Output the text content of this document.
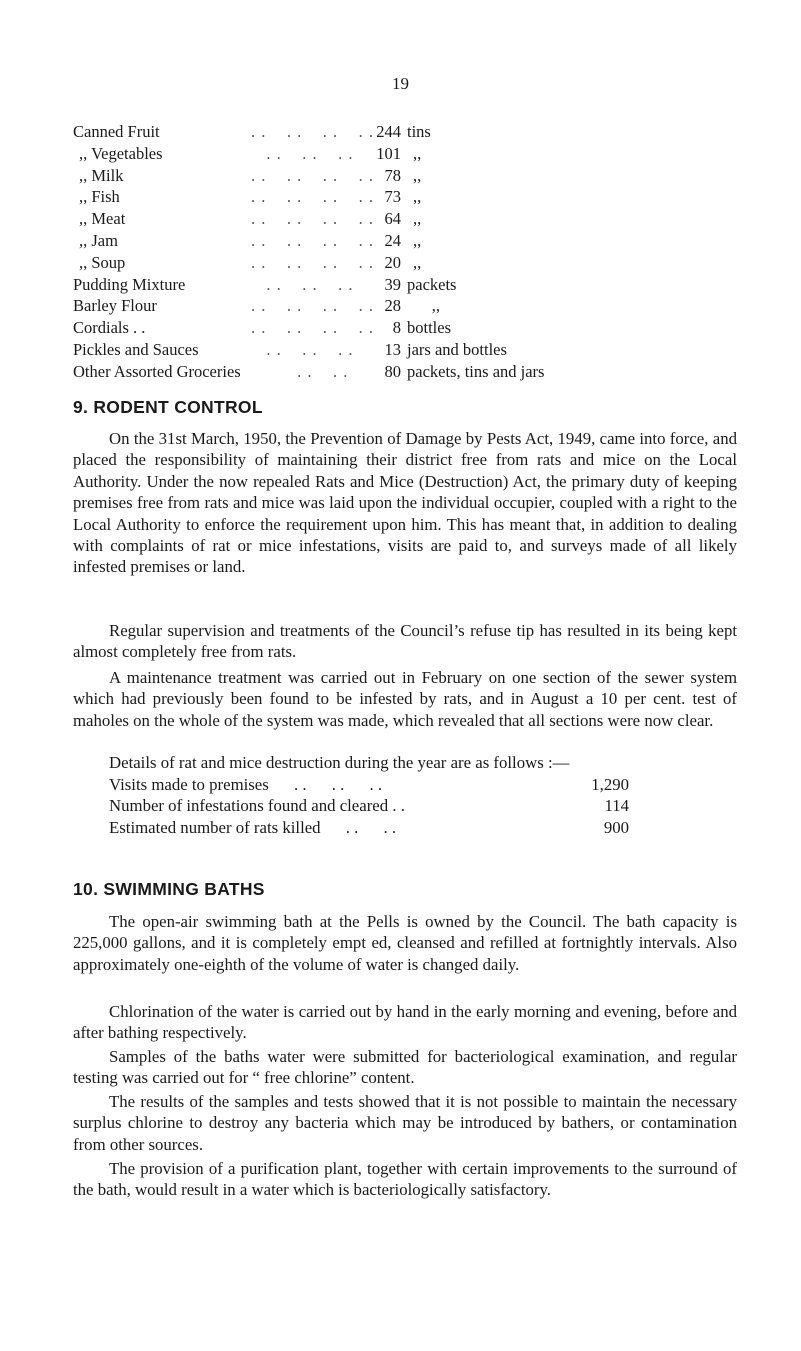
19
Canned Fruit	. .    . .    . .    . . 244 tins
,, Vegetables	. .    . .    . .	101 ,,
,, Milk	. .    . .    . .    . . 78 ,,
,, Fish	. .    . .    . .    . . 73 ,,
,, Meat	. .    . .    . .    . . 64 ,,
,, Jam	. .    . .    . .    . . 24 ,,
,, Soup	. .    . .    . .    . . 20 ,,
Pudding Mixture	. .    . .    . .	39 packets
Barley Flour	. .    . .    . .    . . 28 ,,
Cordials . .	. .    . .    . .    . .	8 bottles
Pickles and Sauces	. .    . .    . .	13 jars and bottles
Other Assorted Groceries . .    . .	80 packets, tins and jars
9. RODENT CONTROL

On the 31st March, 1950, the Prevention of Damage by Pests Act, 1949, came into force, and placed the responsibility of maintaining their district free from rats and mice on the Local Authority. Under the now repealed Rats and Mice (Destruction) Act, the primary duty of keeping premises free from rats and mice was laid upon the individual occupier, coupled with a right to the Local Authority to enforce the requirement upon him. This has meant that, in addition to dealing with complaints of rat or mice infestations, visits are paid to, and surveys made of all likely infested premises or land.

Regular supervision and treatments of the Council’s refuse tip has resulted in its being kept almost completely free from rats.

A maintenance treatment was carried out in February on one section of the sewer system which had previously been found to be infested by rats, and in August a 10 per cent. test of maholes on the whole of the system was made, which revealed that all sections were now clear.

Details of rat and mice destruction during the year are as follows :—

Visits made to premises      . .      . .      . .	1,290
Number of infestations found and cleared . .	114
Estimated number of rats killed      . .      . .	900
10. SWIMMING BATHS

The open-air swimming bath at the Pells is owned by the Council. The bath capacity is 225,000 gallons, and it is completely empt ed, cleansed and refilled at fortnightly intervals. Also approximately one-eighth of the volume of water is changed daily.

Chlorination of the water is carried out by hand in the early morning and evening, before and after bathing respectively.

Samples of the baths water were submitted for bacteriological examination, and regular testing was carried out for “ free chlorine” content.

The results of the samples and tests showed that it is not possible to maintain the necessary surplus chlorine to destroy any bacteria which may be introduced by bathers, or contamination from other sources.

The provision of a purification plant, together with certain improvements to the surround of the bath, would result in a water which is bacteriologically satisfactory.
